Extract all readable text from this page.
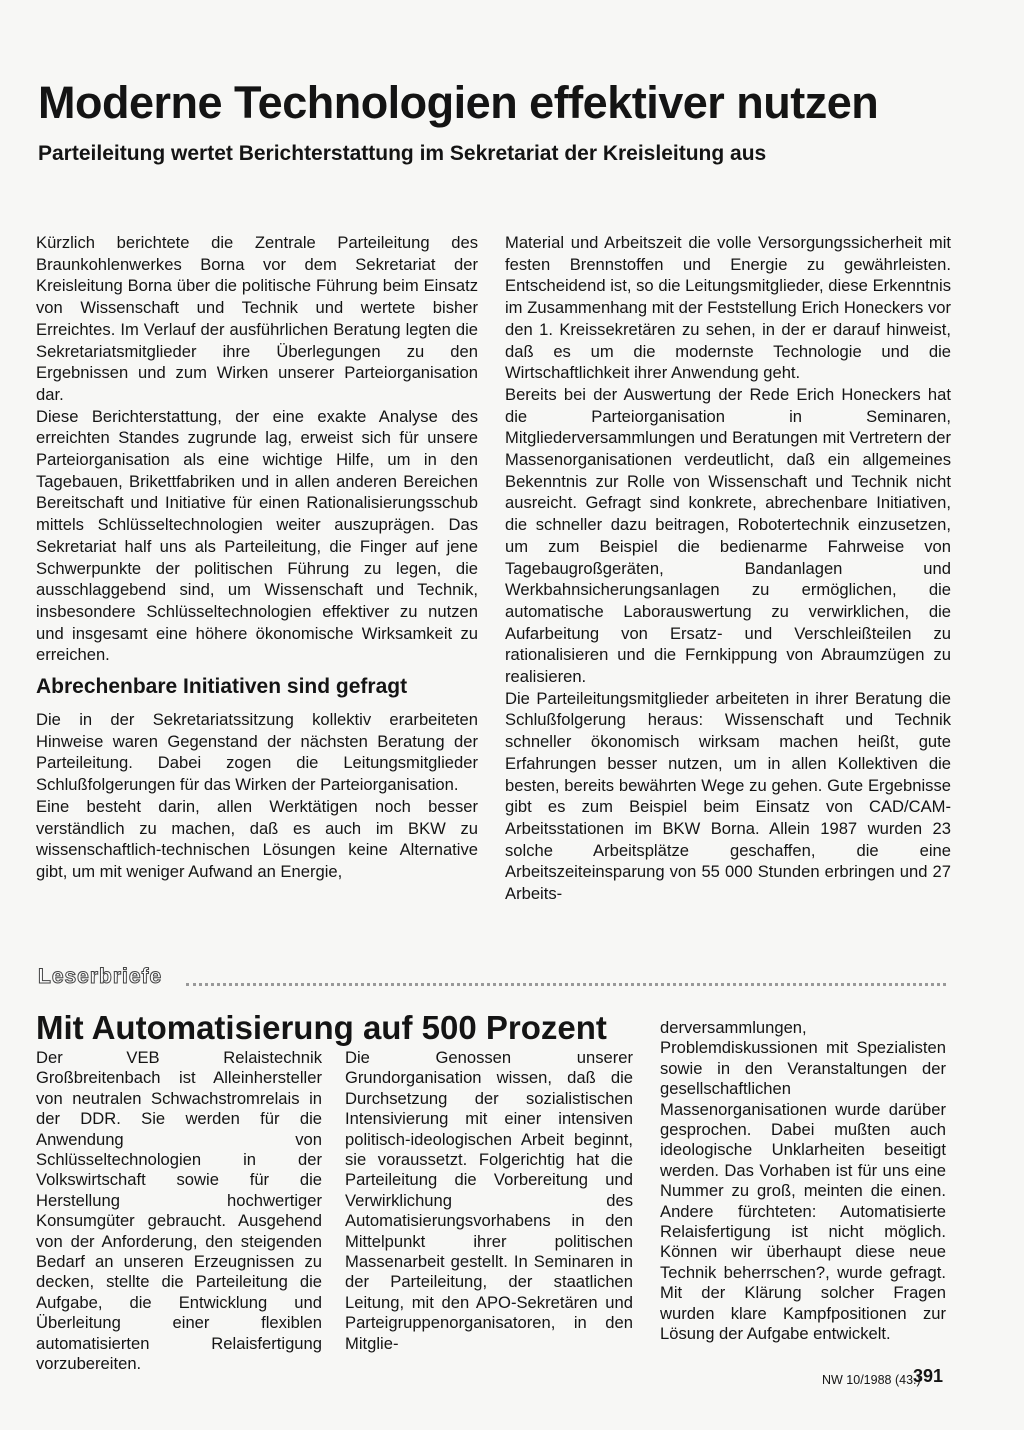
Moderne Technologien effektiver nutzen
Parteileitung wertet Berichterstattung im Sekretariat der Kreisleitung aus

Kürzlich berichtete die Zentrale Parteileitung des Braunkohlenwerkes Borna vor dem Sekretariat der Kreisleitung Borna über die politische Führung beim Einsatz von Wissenschaft und Technik und wertete bisher Erreichtes. Im Verlauf der ausführlichen Beratung legten die Sekretariatsmitglieder ihre Überlegungen zu den Ergebnissen und zum Wirken unserer Parteiorganisation dar.

Diese Berichterstattung, der eine exakte Analyse des erreichten Standes zugrunde lag, erweist sich für unsere Parteiorganisation als eine wichtige Hilfe, um in den Tagebauen, Brikettfabriken und in allen anderen Bereichen Bereitschaft und Initiative für einen Rationalisierungsschub mittels Schlüsseltechnologien weiter auszuprägen. Das Sekretariat half uns als Parteileitung, die Finger auf jene Schwerpunkte der politischen Führung zu legen, die ausschlaggebend sind, um Wissenschaft und Technik, insbesondere Schlüsseltechnologien effektiver zu nutzen und insgesamt eine höhere ökonomische Wirksamkeit zu erreichen.

Abrechenbare Initiativen sind gefragt

Die in der Sekretariatssitzung kollektiv erarbeiteten Hinweise waren Gegenstand der nächsten Beratung der Parteileitung. Dabei zogen die Leitungsmitglieder Schlußfolgerungen für das Wirken der Parteiorganisation.

Eine besteht darin, allen Werktätigen noch besser verständlich zu machen, daß es auch im BKW zu wissenschaftlich-technischen Lösungen keine Alternative gibt, um mit weniger Aufwand an Energie,

Material und Arbeitszeit die volle Versorgungssicherheit mit festen Brennstoffen und Energie zu gewährleisten. Entscheidend ist, so die Leitungsmitglieder, diese Erkenntnis im Zusammenhang mit der Feststellung Erich Honeckers vor den 1. Kreissekretären zu sehen, in der er darauf hinweist, daß es um die modernste Technologie und die Wirtschaftlichkeit ihrer Anwendung geht.

Bereits bei der Auswertung der Rede Erich Honeckers hat die Parteiorganisation in Seminaren, Mitgliederversammlungen und Beratungen mit Vertretern der Massenorganisationen verdeutlicht, daß ein allgemeines Bekenntnis zur Rolle von Wissenschaft und Technik nicht ausreicht. Gefragt sind konkrete, abrechenbare Initiativen, die schneller dazu beitragen, Robotertechnik einzusetzen, um zum Beispiel die bedienarme Fahrweise von Tagebaugroßgeräten, Bandanlagen und Werkbahnsicherungsanlagen zu ermöglichen, die automatische Laborauswertung zu verwirklichen, die Aufarbeitung von Ersatz- und Verschleißteilen zu rationalisieren und die Fernkippung von Abraumzügen zu realisieren.

Die Parteileitungsmitglieder arbeiteten in ihrer Beratung die Schlußfolgerung heraus: Wissenschaft und Technik schneller ökonomisch wirksam machen heißt, gute Erfahrungen besser nutzen, um in allen Kollektiven die besten, bereits bewährten Wege zu gehen. Gute Ergebnisse gibt es zum Beispiel beim Einsatz von CAD/CAM-Arbeitsstationen im BKW Borna. Allein 1987 wurden 23 solche Arbeitsplätze geschaffen, die eine Arbeitszeiteinsparung von 55 000 Stunden erbringen und 27 Arbeits-

Leserbriefe
Mit Automatisierung auf 500 Prozent

Der VEB Relaistechnik Großbreitenbach ist Alleinhersteller von neutralen Schwachstromrelais in der DDR. Sie werden für die Anwendung von Schlüsseltechnologien in der Volkswirtschaft sowie für die Herstellung hochwertiger Konsumgüter gebraucht. Ausgehend von der Anforderung, den steigenden Bedarf an unseren Erzeugnissen zu decken, stellte die Parteileitung die Aufgabe, die Entwicklung und Überleitung einer flexiblen automatisierten Relaisfertigung vorzubereiten.

Die Genossen unserer Grundorganisation wissen, daß die Durchsetzung der sozialistischen Intensivierung mit einer intensiven politisch-ideologischen Arbeit beginnt, sie voraussetzt. Folgerichtig hat die Parteileitung die Vorbereitung und Verwirklichung des Automatisierungsvorhabens in den Mittelpunkt ihrer politischen Massenarbeit gestellt. In Seminaren in der Parteileitung, der staatlichen Leitung, mit den APO-Sekretären und Parteigruppenorganisatoren, in den Mitglie-

derversammlungen, Problemdiskussionen mit Spezialisten sowie in den Veranstaltungen der gesellschaftlichen Massenorganisationen wurde darüber gesprochen. Dabei mußten auch ideologische Unklarheiten beseitigt werden. Das Vorhaben ist für uns eine Nummer zu groß, meinten die einen. Andere fürchteten: Automatisierte Relaisfertigung ist nicht möglich. Können wir überhaupt diese neue Technik beherrschen?, wurde gefragt. Mit der Klärung solcher Fragen wurden klare Kampfpositionen zur Lösung der Aufgabe entwickelt.

NW 10/1988 (43.)
391
